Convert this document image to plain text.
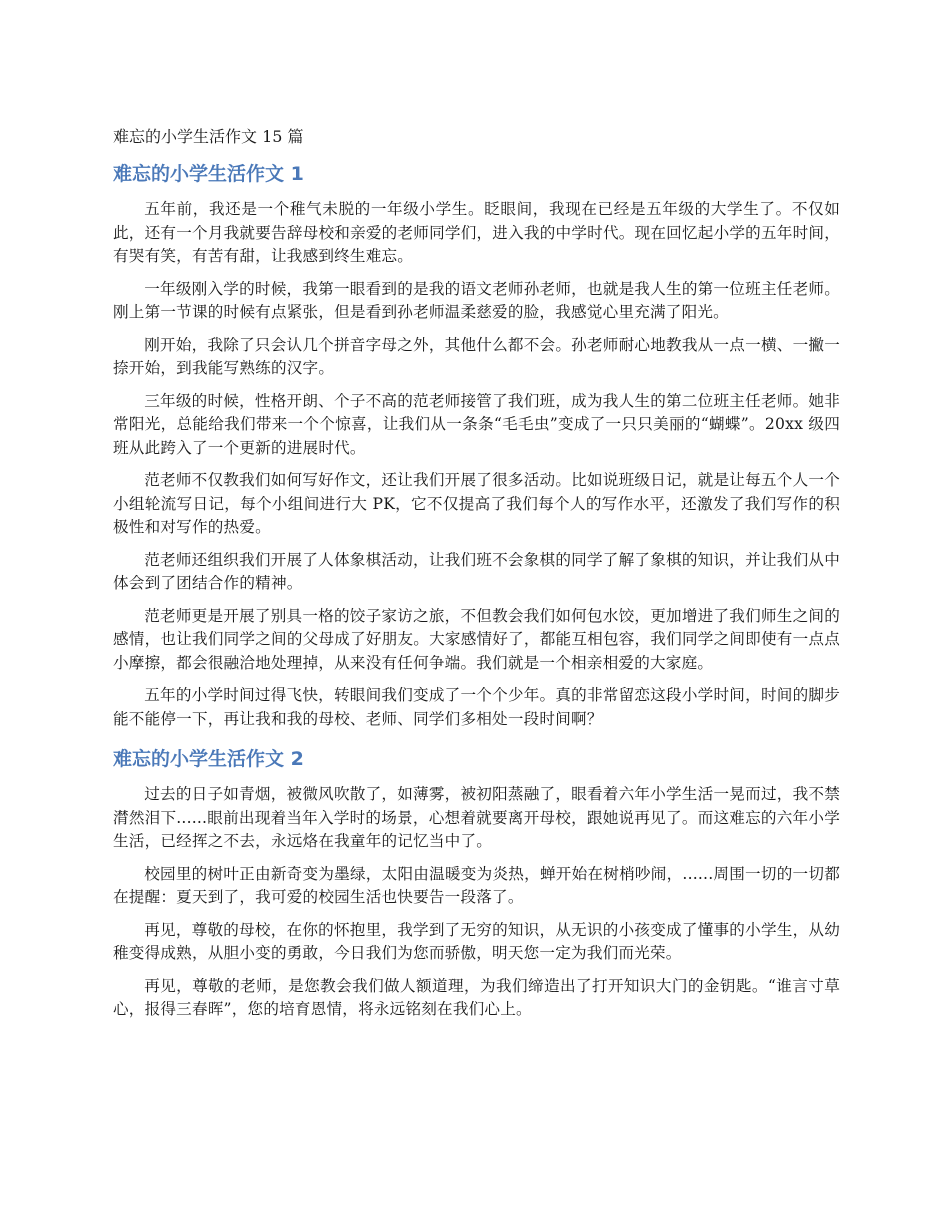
难忘的小学生活作文 15 篇
难忘的小学生活作文 1

五年前，我还是一个稚气未脱的一年级小学生。眨眼间，我现在已经是五年级的大学生了。不仅如此，还有一个月我就要告辞母校和亲爱的老师同学们，进入我的中学时代。现在回忆起小学的五年时间，有哭有笑，有苦有甜，让我感到终生难忘。

一年级刚入学的时候，我第一眼看到的是我的语文老师孙老师，也就是我人生的第一位班主任老师。刚上第一节课的时候有点紧张，但是看到孙老师温柔慈爱的脸，我感觉心里充满了阳光。

刚开始，我除了只会认几个拼音字母之外，其他什么都不会。孙老师耐心地教我从一点一横、一撇一捺开始，到我能写熟练的汉字。

三年级的时候，性格开朗、个子不高的范老师接管了我们班，成为我人生的第二位班主任老师。她非常阳光，总能给我们带来一个个惊喜，让我们从一条条“毛毛虫”变成了一只只美丽的“蝴蝶”。20xx 级四班从此跨入了一个更新的进展时代。

范老师不仅教我们如何写好作文，还让我们开展了很多活动。比如说班级日记，就是让每五个人一个小组轮流写日记，每个小组间进行大 PK，它不仅提高了我们每个人的写作水平，还激发了我们写作的积极性和对写作的热爱。

范老师还组织我们开展了人体象棋活动，让我们班不会象棋的同学了解了象棋的知识，并让我们从中体会到了团结合作的精神。

范老师更是开展了别具一格的饺子家访之旅，不但教会我们如何包水饺，更加增进了我们师生之间的感情，也让我们同学之间的父母成了好朋友。大家感情好了，都能互相包容，我们同学之间即使有一点点小摩擦，都会很融洽地处理掉，从来没有任何争端。我们就是一个相亲相爱的大家庭。

五年的小学时间过得飞快，转眼间我们变成了一个个少年。真的非常留恋这段小学时间，时间的脚步能不能停一下，再让我和我的母校、老师、同学们多相处一段时间啊？

难忘的小学生活作文 2

过去的日子如青烟，被微风吹散了，如薄雾，被初阳蒸融了，眼看着六年小学生活一晃而过，我不禁潸然泪下......眼前出现着当年入学时的场景，心想着就要离开母校，跟她说再见了。而这难忘的六年小学生活，已经挥之不去，永远烙在我童年的记忆当中了。

校园里的树叶正由新奇变为墨绿，太阳由温暖变为炎热，蝉开始在树梢吵闹，......周围一切的一切都在提醒：夏天到了，我可爱的校园生活也快要告一段落了。

再见，尊敬的母校，在你的怀抱里，我学到了无穷的知识，从无识的小孩变成了懂事的小学生，从幼稚变得成熟，从胆小变的勇敢，今日我们为您而骄傲，明天您一定为我们而光荣。

再见，尊敬的老师，是您教会我们做人额道理，为我们缔造出了打开知识大门的金钥匙。“谁言寸草心，报得三春晖”，您的培育恩情，将永远铭刻在我们心上。
